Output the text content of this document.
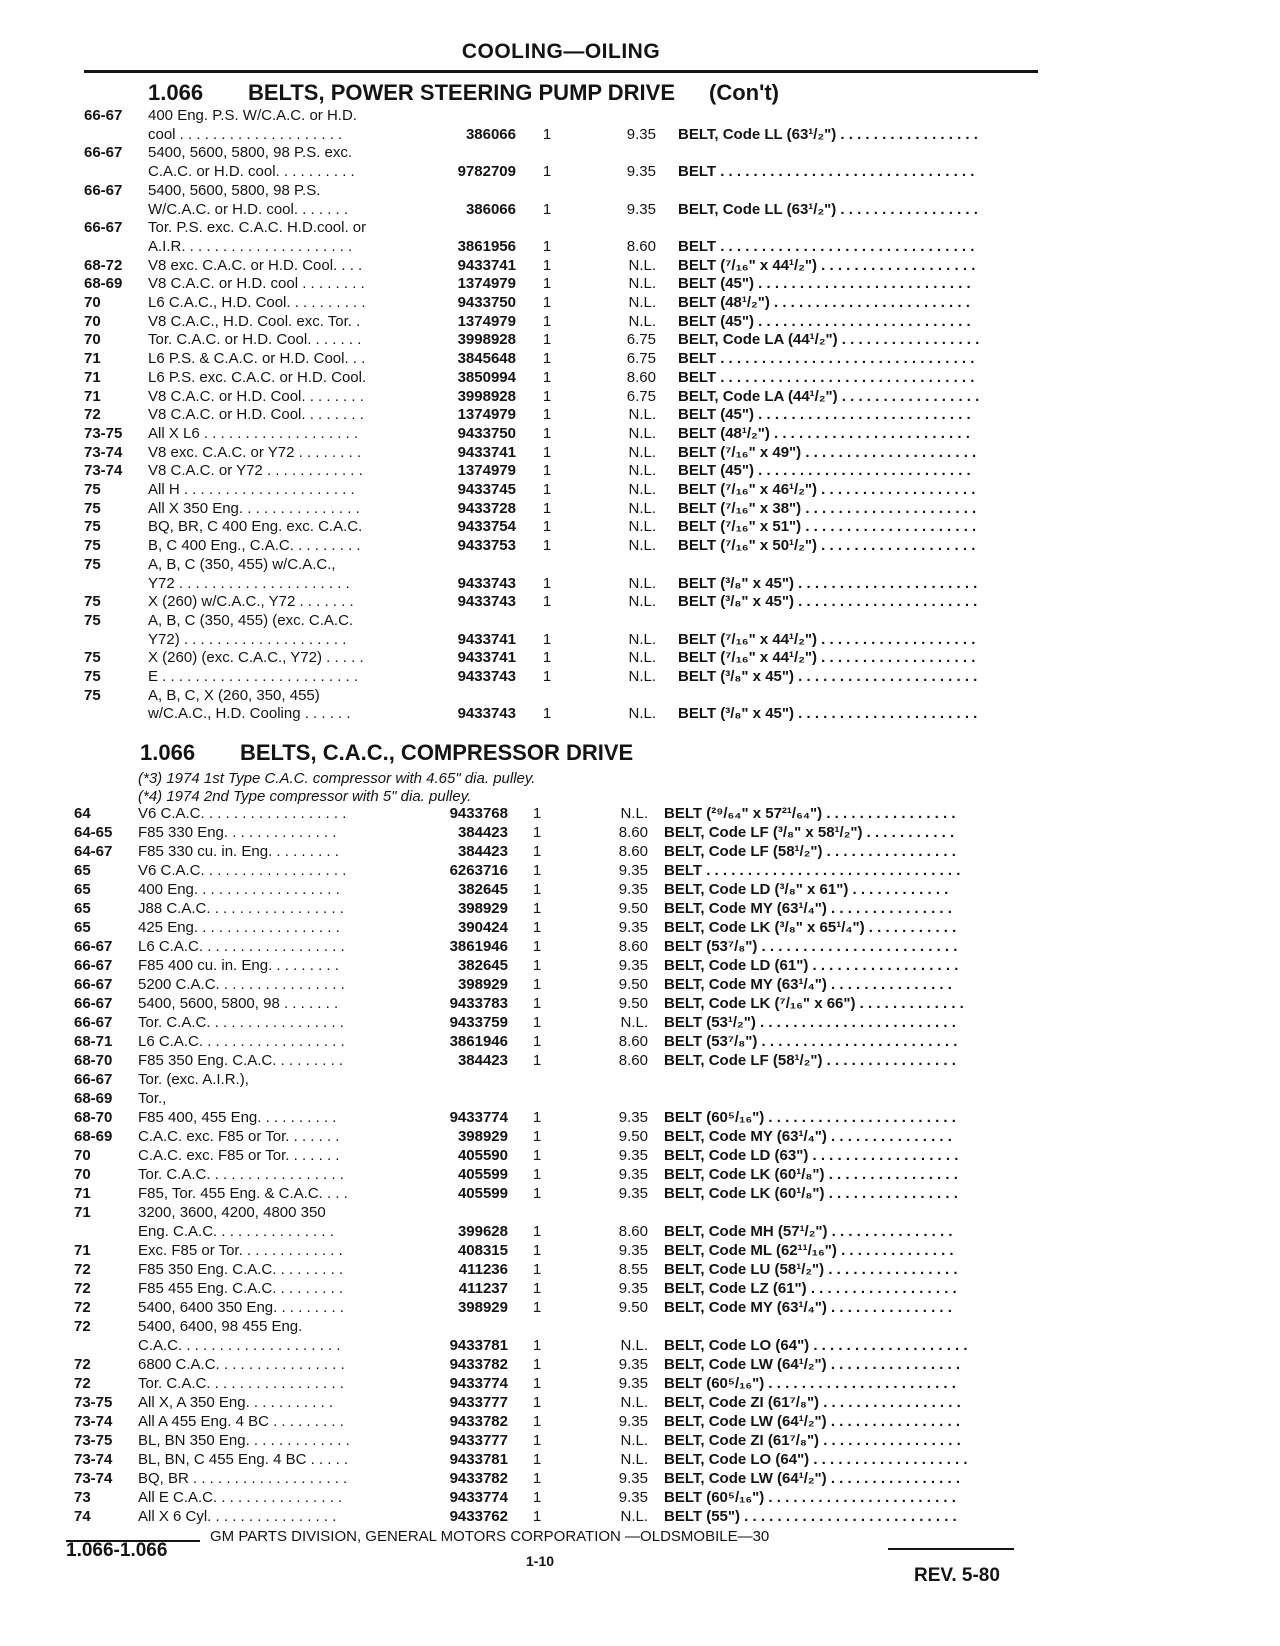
COOLING—OILING
1.066 BELTS, POWER STEERING PUMP DRIVE (Con't)
66-67	400 Eng. P.S. W/C.A.C. or H.D.
cool . . . . . . . . . . . . . . . . . . . .	386066 1	9.35 BELT, Code LL (63¹/₂") . . . . . . . . . . . . . . . . .
66-67	5400, 5600, 5800, 98 P.S. exc.
C.A.C. or H.D. cool. . . . . . . . . .	9782709 1	9.35 BELT . . . . . . . . . . . . . . . . . . . . . . . . . . . . . . .
66-67	5400, 5600, 5800, 98 P.S.
W/C.A.C. or H.D. cool. . . . . . .	386066 1	9.35 BELT, Code LL (63¹/₂") . . . . . . . . . . . . . . . . .
66-67	Tor. P.S. exc. C.A.C. H.D.cool. or
A.I.R. . . . . . . . . . . . . . . . . . . . .	3861956 1	8.60 BELT . . . . . . . . . . . . . . . . . . . . . . . . . . . . . . .
68-72	V8 exc. C.A.C. or H.D. Cool. . . .	9433741 1	N.L. BELT (⁷/₁₆" x 44¹/₂") . . . . . . . . . . . . . . . . . . .
68-69	V8 C.A.C. or H.D. cool . . . . . . . .	1374979 1	N.L. BELT (45") . . . . . . . . . . . . . . . . . . . . . . . . . .
70	L6 C.A.C., H.D. Cool. . . . . . . . . .	9433750 1	N.L. BELT (48¹/₂") . . . . . . . . . . . . . . . . . . . . . . . .
70	V8 C.A.C., H.D. Cool. exc. Tor. .	1374979 1	N.L. BELT (45") . . . . . . . . . . . . . . . . . . . . . . . . . .
70	Tor. C.A.C. or H.D. Cool. . . . . . .	3998928 1	6.75 BELT, Code LA (44¹/₂") . . . . . . . . . . . . . . . . .
71	L6 P.S. & C.A.C. or H.D. Cool. . .	3845648 1	6.75 BELT . . . . . . . . . . . . . . . . . . . . . . . . . . . . . . .
71	L6 P.S. exc. C.A.C. or H.D. Cool.	3850994 1	8.60 BELT . . . . . . . . . . . . . . . . . . . . . . . . . . . . . . .
71	V8 C.A.C. or H.D. Cool. . . . . . . .	3998928 1	6.75 BELT, Code LA (44¹/₂") . . . . . . . . . . . . . . . . .
72	V8 C.A.C. or H.D. Cool. . . . . . . .	1374979 1	N.L. BELT (45") . . . . . . . . . . . . . . . . . . . . . . . . . .
73-75	All X L6 . . . . . . . . . . . . . . . . . . .	9433750 1	N.L. BELT (48¹/₂") . . . . . . . . . . . . . . . . . . . . . . . .
73-74	V8 exc. C.A.C. or Y72 . . . . . . . .	9433741 1	N.L. BELT (⁷/₁₆" x 49") . . . . . . . . . . . . . . . . . . . . .
73-74	V8 C.A.C. or Y72 . . . . . . . . . . . .	1374979 1	N.L. BELT (45") . . . . . . . . . . . . . . . . . . . . . . . . . .
75	All H . . . . . . . . . . . . . . . . . . . . .	9433745 1	N.L. BELT (⁷/₁₆" x 46¹/₂") . . . . . . . . . . . . . . . . . . .
75	All X 350 Eng. . . . . . . . . . . . . . .	9433728 1	N.L. BELT (⁷/₁₆" x 38") . . . . . . . . . . . . . . . . . . . . .
75	BQ, BR, C 400 Eng. exc. C.A.C.	9433754 1	N.L. BELT (⁷/₁₆" x 51") . . . . . . . . . . . . . . . . . . . . .
75	B, C 400 Eng., C.A.C. . . . . . . . .	9433753 1	N.L. BELT (⁷/₁₆" x 50¹/₂") . . . . . . . . . . . . . . . . . . .
75	A, B, C (350, 455) w/C.A.C.,
Y72 . . . . . . . . . . . . . . . . . . . . .	9433743 1	N.L. BELT (³/₈" x 45") . . . . . . . . . . . . . . . . . . . . . .
75	X (260) w/C.A.C., Y72 . . . . . . .	9433743 1	N.L. BELT (³/₈" x 45") . . . . . . . . . . . . . . . . . . . . . .
75	A, B, C (350, 455) (exc. C.A.C.
Y72) . . . . . . . . . . . . . . . . . . . .	9433741 1	N.L. BELT (⁷/₁₆" x 44¹/₂") . . . . . . . . . . . . . . . . . . .
75	X (260) (exc. C.A.C., Y72) . . . . .	9433741 1	N.L. BELT (⁷/₁₆" x 44¹/₂") . . . . . . . . . . . . . . . . . . .
75	E . . . . . . . . . . . . . . . . . . . . . . . .	9433743 1	N.L. BELT (³/₈" x 45") . . . . . . . . . . . . . . . . . . . . . .
75	A, B, C, X (260, 350, 455)
w/C.A.C., H.D. Cooling . . . . . .	9433743 1	N.L. BELT (³/₈" x 45") . . . . . . . . . . . . . . . . . . . . . .
1.066 BELTS, C.A.C., COMPRESSOR DRIVE
(*3) 1974 1st Type C.A.C. compressor with 4.65" dia. pulley.
(*4) 1974 2nd Type compressor with 5" dia. pulley.
64	V6 C.A.C. . . . . . . . . . . . . . . . . .	9433768 1	N.L. BELT (²⁹/₆₄" x 57²¹/₆₄") . . . . . . . . . . . . . . . .
64-65	F85 330 Eng. . . . . . . . . . . . . .	384423 1	8.60 BELT, Code LF (³/₈" x 58¹/₂") . . . . . . . . . . .
64-67	F85 330 cu. in. Eng. . . . . . . . .	384423 1	8.60 BELT, Code LF (58¹/₂") . . . . . . . . . . . . . . . .
65	V6 C.A.C. . . . . . . . . . . . . . . . . .	6263716 1	9.35 BELT . . . . . . . . . . . . . . . . . . . . . . . . . . . . . . .
65	400 Eng. . . . . . . . . . . . . . . . . .	382645 1	9.35 BELT, Code LD (³/₈" x 61") . . . . . . . . . . . .
65	J88 C.A.C. . . . . . . . . . . . . . . . .	398929 1	9.50 BELT, Code MY (63¹/₄") . . . . . . . . . . . . . . .
65	425 Eng. . . . . . . . . . . . . . . . . .	390424 1	9.35 BELT, Code LK (³/₈" x 65¹/₄") . . . . . . . . . . .
66-67	L6 C.A.C. . . . . . . . . . . . . . . . . .	3861946 1	8.60 BELT (53⁷/₈") . . . . . . . . . . . . . . . . . . . . . . . .
66-67	F85 400 cu. in. Eng. . . . . . . . .	382645 1	9.35 BELT, Code LD (61") . . . . . . . . . . . . . . . . . .
66-67	5200 C.A.C. . . . . . . . . . . . . . . .	398929 1	9.50 BELT, Code MY (63¹/₄") . . . . . . . . . . . . . . .
66-67	5400, 5600, 5800, 98 . . . . . . .	9433783 1	9.50 BELT, Code LK (⁷/₁₆" x 66") . . . . . . . . . . . . .
66-67	Tor. C.A.C. . . . . . . . . . . . . . . . .	9433759 1	N.L. BELT (53¹/₂") . . . . . . . . . . . . . . . . . . . . . . . .
68-71	L6 C.A.C. . . . . . . . . . . . . . . . . .	3861946 1	8.60 BELT (53⁷/₈") . . . . . . . . . . . . . . . . . . . . . . . .
68-70	F85 350 Eng. C.A.C. . . . . . . . .	384423 1	8.60 BELT, Code LF (58¹/₂") . . . . . . . . . . . . . . . .
66-67	Tor. (exc. A.I.R.),
68-69	Tor.,
68-70	F85 400, 455 Eng. . . . . . . . . .	9433774 1	9.35 BELT (60⁵/₁₆") . . . . . . . . . . . . . . . . . . . . . . .
68-69	C.A.C. exc. F85 or Tor. . . . . . .	398929 1	9.50 BELT, Code MY (63¹/₄") . . . . . . . . . . . . . . .
70	C.A.C. exc. F85 or Tor. . . . . . .	405590 1	9.35 BELT, Code LD (63") . . . . . . . . . . . . . . . . . .
70	Tor. C.A.C. . . . . . . . . . . . . . . . .	405599 1	9.35 BELT, Code LK (60¹/₈") . . . . . . . . . . . . . . . .
71	F85, Tor. 455 Eng. & C.A.C. . . .	405599 1	9.35 BELT, Code LK (60¹/₈") . . . . . . . . . . . . . . . .
71	3200, 3600, 4200, 4800 350
Eng. C.A.C. . . . . . . . . . . . . . .	399628 1	8.60 BELT, Code MH (57¹/₂") . . . . . . . . . . . . . . .
71	Exc. F85 or Tor. . . . . . . . . . . . .	408315 1	9.35 BELT, Code ML (62¹¹/₁₆") . . . . . . . . . . . . . .
72	F85 350 Eng. C.A.C. . . . . . . . .	411236 1	8.55 BELT, Code LU (58¹/₂") . . . . . . . . . . . . . . . .
72	F85 455 Eng. C.A.C. . . . . . . . .	411237 1	9.35 BELT, Code LZ (61") . . . . . . . . . . . . . . . . . .
72	5400, 6400 350 Eng. . . . . . . . .	398929 1	9.50 BELT, Code MY (63¹/₄") . . . . . . . . . . . . . . .
72	5400, 6400, 98 455 Eng.
C.A.C. . . . . . . . . . . . . . . . . . . .	9433781 1	N.L. BELT, Code LO (64") . . . . . . . . . . . . . . . . . . .
72	6800 C.A.C. . . . . . . . . . . . . . . .	9433782 1	9.35 BELT, Code LW (64¹/₂") . . . . . . . . . . . . . . . .
72	Tor. C.A.C. . . . . . . . . . . . . . . . .	9433774 1	9.35 BELT (60⁵/₁₆") . . . . . . . . . . . . . . . . . . . . . . .
73-75	All X, A 350 Eng. . . . . . . . . . .	9433777 1	N.L. BELT, Code ZI (61⁷/₈") . . . . . . . . . . . . . . . . .
73-74	All A 455 Eng. 4 BC . . . . . . . . .	9433782 1	9.35 BELT, Code LW (64¹/₂") . . . . . . . . . . . . . . . .
73-75	BL, BN 350 Eng. . . . . . . . . . . . .	9433777 1	N.L. BELT, Code ZI (61⁷/₈") . . . . . . . . . . . . . . . . .
73-74	BL, BN, C 455 Eng. 4 BC . . . . .	9433781 1	N.L. BELT, Code LO (64") . . . . . . . . . . . . . . . . . . .
73-74	BQ, BR . . . . . . . . . . . . . . . . . . .	9433782 1	9.35 BELT, Code LW (64¹/₂") . . . . . . . . . . . . . . . .
73	All E C.A.C. . . . . . . . . . . . . . . .	9433774 1	9.35 BELT (60⁵/₁₆") . . . . . . . . . . . . . . . . . . . . . . .
74	All X 6 Cyl. . . . . . . . . . . . . . . .	9433762 1	N.L. BELT (55") . . . . . . . . . . . . . . . . . . . . . . . . . .
1.066-1.066
GM PARTS DIVISION, GENERAL MOTORS CORPORATION —OLDSMOBILE—30
1-10
REV. 5-80
